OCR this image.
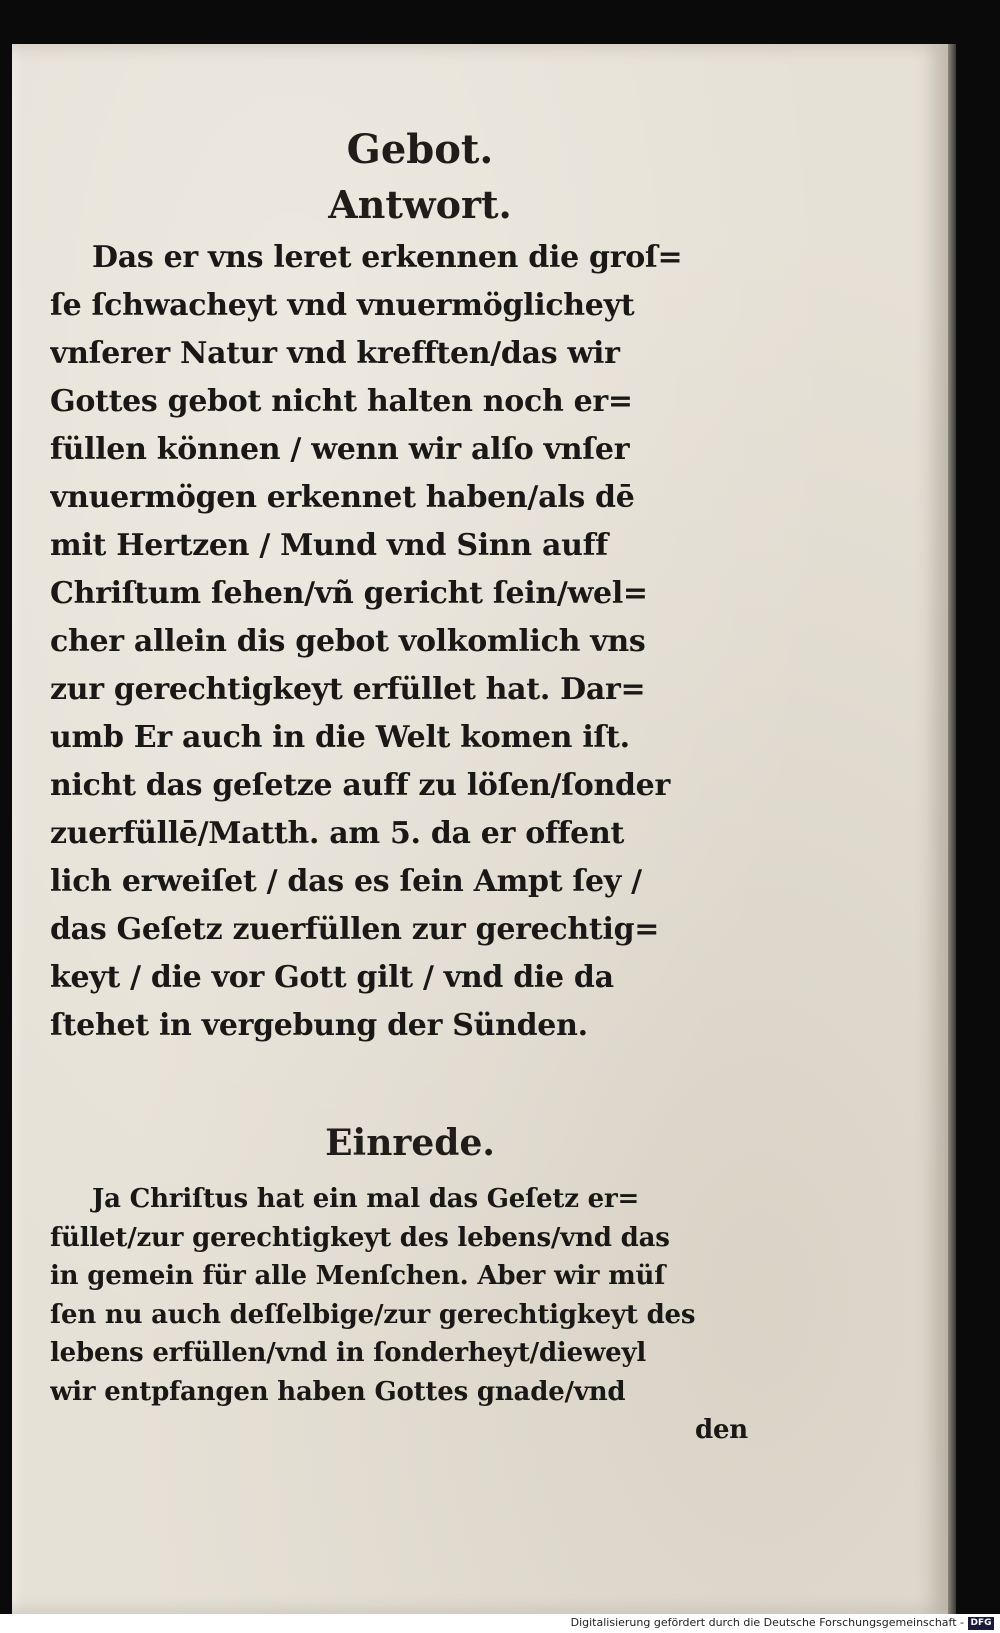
Gebot.
Antwort.
Das er vns leret erkennen die groſ=
ſe ſchwacheyt vnd vnuermöglicheyt
vnſerer Natur vnd krefften/das wir
Gottes gebot nicht halten noch er=
füllen können / wenn wir alſo vnſer
vnuermögen erkennet haben/als dē
mit Hertzen / Mund vnd Sinn auff
Chriſtum ſehen/vñ gericht ſein/wel=
cher allein dis gebot volkomlich vns
zur gerechtigkeyt erfüllet hat. Dar=
umb Er auch in die Welt komen iſt.
nicht das geſetze auff zu löſen/ſonder
zuerfüllē/Matth. am 5. da er offent
lich erweiſet / das es ſein Ampt ſey /
das Geſetz zuerfüllen zur gerechtig=
keyt / die vor Gott gilt / vnd die da
ſtehet in vergebung der Sünden.
Einrede.
Ja Chriſtus hat ein mal das Geſetz er=
füllet/zur gerechtigkeyt des lebens/vnd das
in gemein für alle Menſchen. Aber wir müſ
ſen nu auch deſſelbige/zur gerechtigkeyt des
lebens erfüllen/vnd in ſonderheyt/dieweyl
wir entpfangen haben Gottes gnade/vnd
den
Digitalisierung gefördert durch die Deutsche Forschungsgemeinschaft - DFG
